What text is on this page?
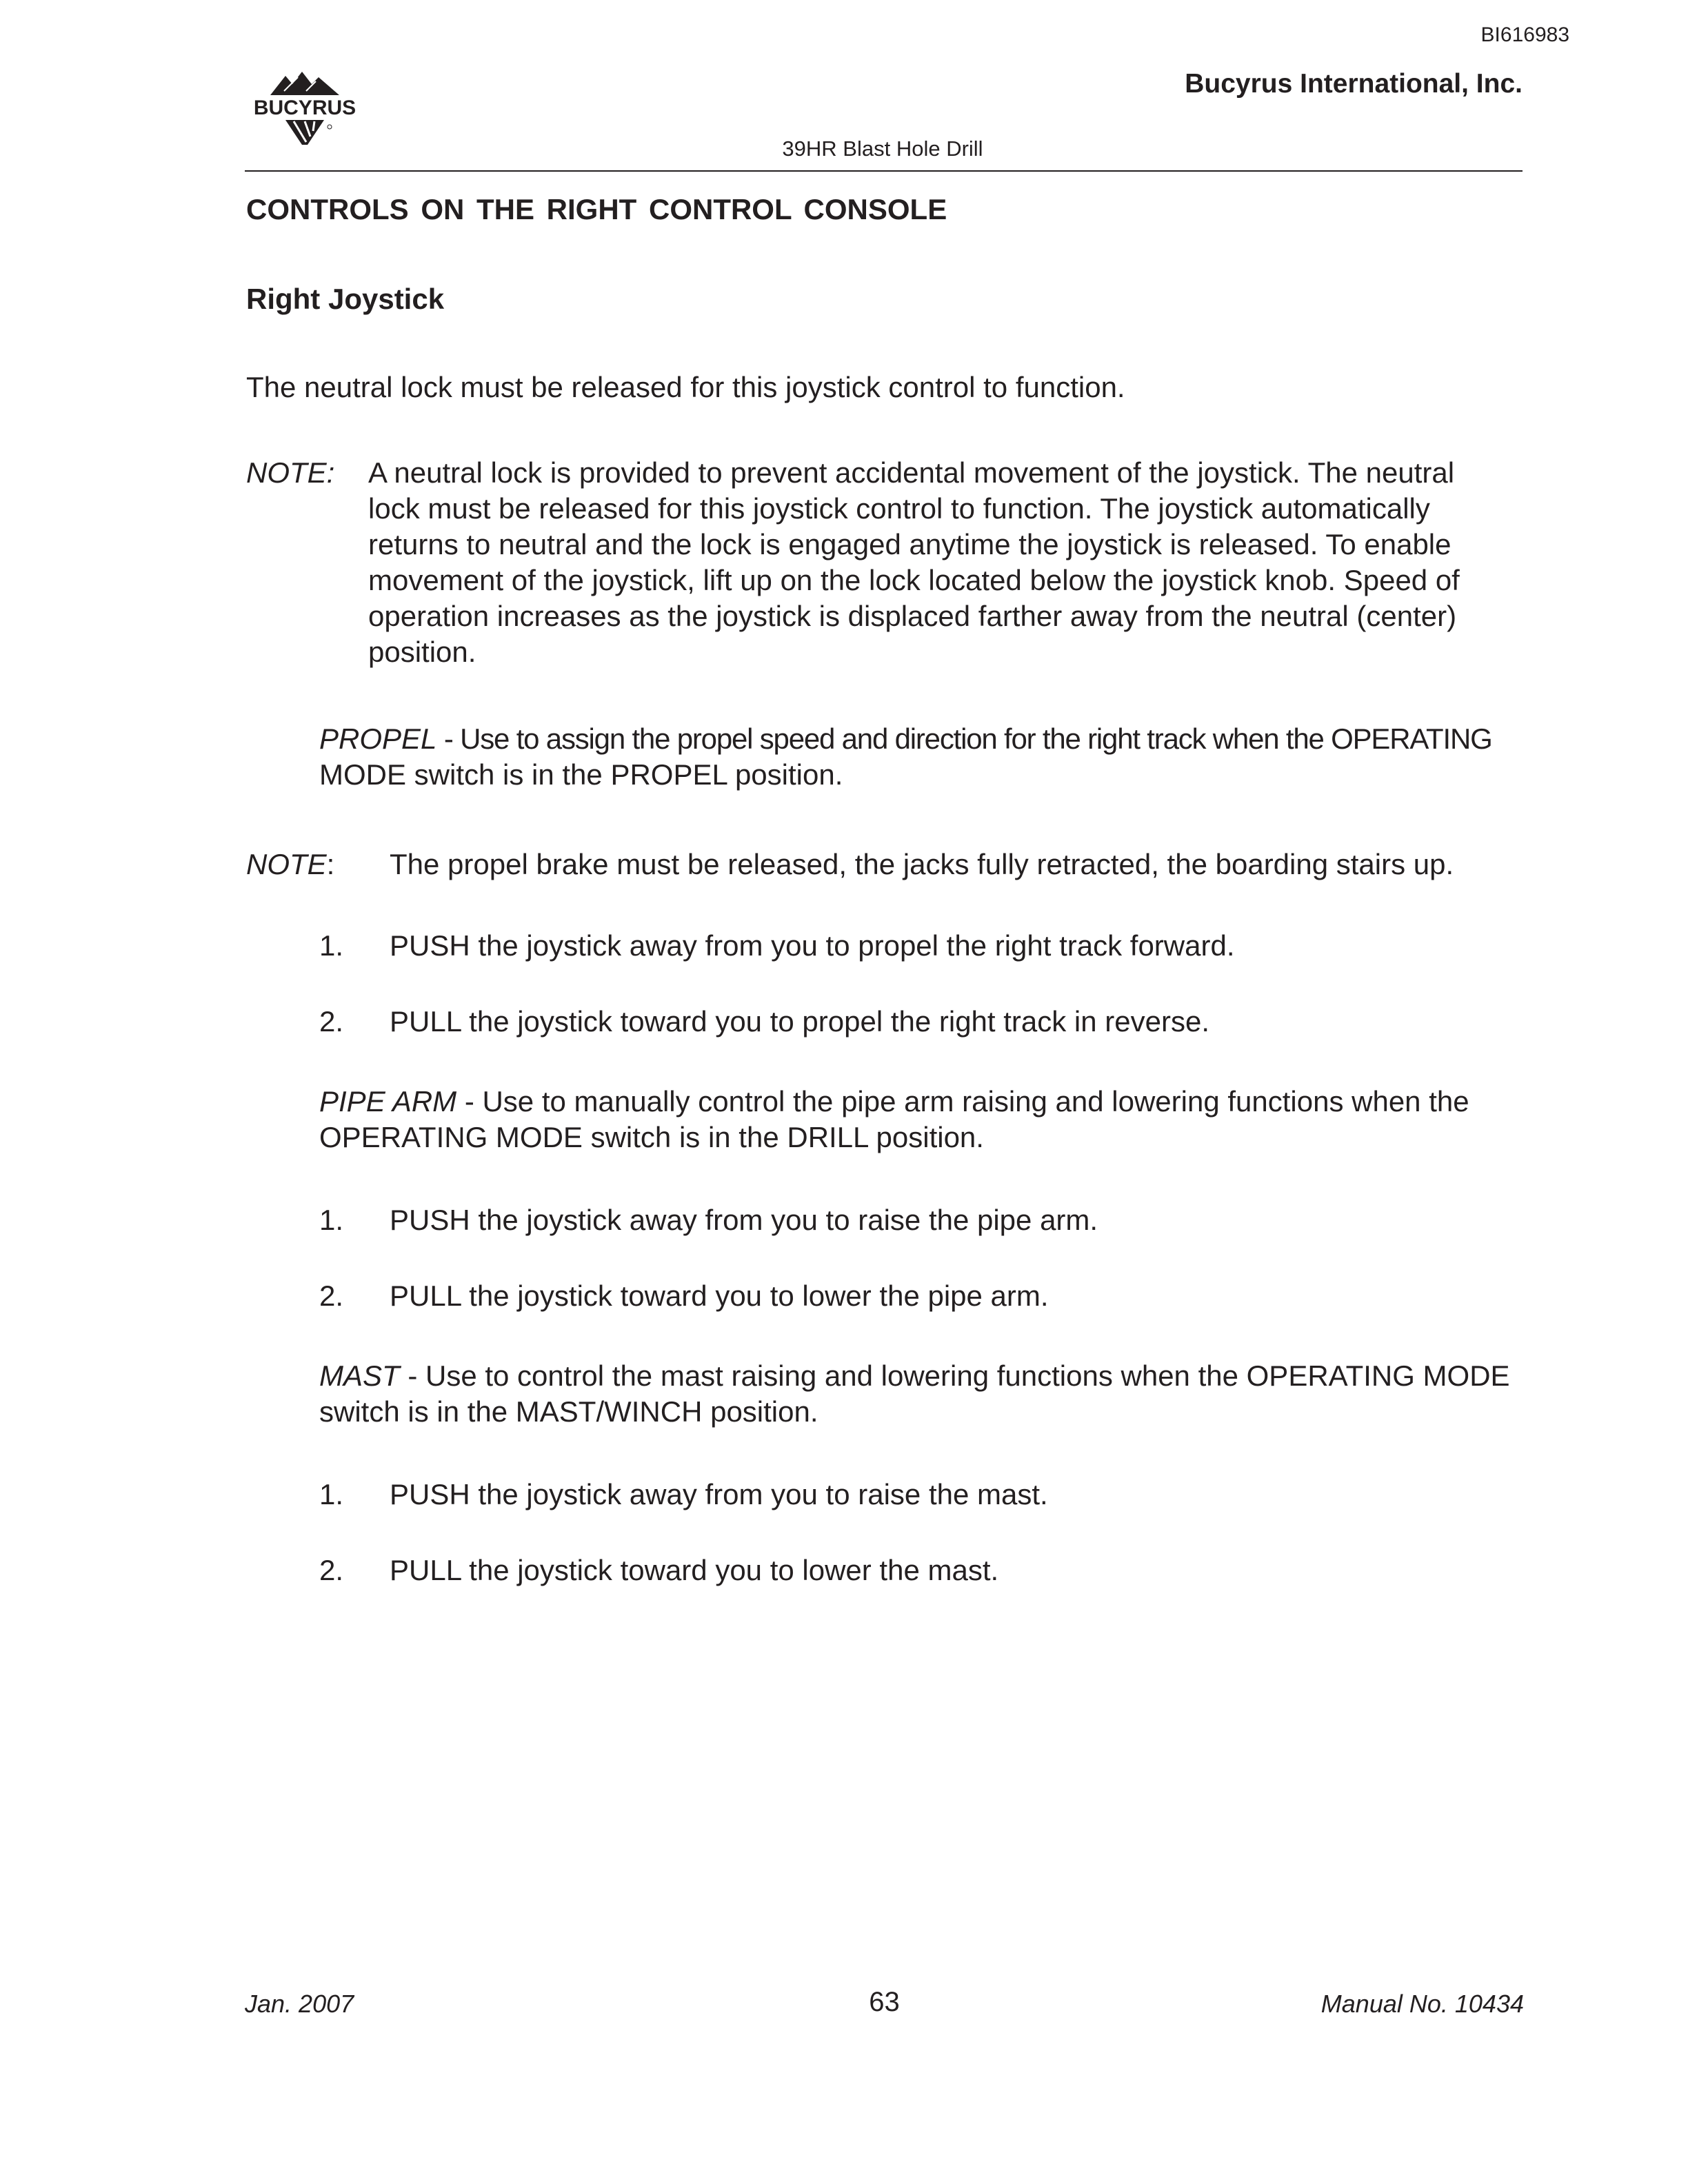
BI616983
Bucyrus International, Inc.
BUCYRUS
39HR Blast Hole Drill
CONTROLS ON THE RIGHT CONTROL CONSOLE
Right Joystick
The neutral lock must be released for this joystick control to function.
NOTE: A neutral lock is provided to prevent accidental movement of the joystick. The neutral
lock must be released for this joystick control to function. The joystick automatically
returns to neutral and the lock is engaged anytime the joystick is released. To enable
movement of the joystick, lift up on the lock located below the joystick knob. Speed of
operation increases as the joystick is displaced farther away from the neutral (center)
position.
PROPEL - Use to assign the propel speed and direction for the right track when the OPERATING
MODE switch is in the PROPEL position.
NOTE: The propel brake must be released, the jacks fully retracted, the boarding stairs up.
1. PUSH the joystick away from you to propel the right track forward.
2. PULL the joystick toward you to propel the right track in reverse.
PIPE ARM - Use to manually control the pipe arm raising and lowering functions when the
OPERATING MODE switch is in the DRILL position.
1. PUSH the joystick away from you to raise the pipe arm.
2. PULL the joystick toward you to lower the pipe arm.
MAST - Use to control the mast raising and lowering functions when the OPERATING MODE
switch is in the MAST/WINCH position.
1. PUSH the joystick away from you to raise the mast.
2. PULL the joystick toward you to lower the mast.
Jan. 2007	63	Manual No. 10434
